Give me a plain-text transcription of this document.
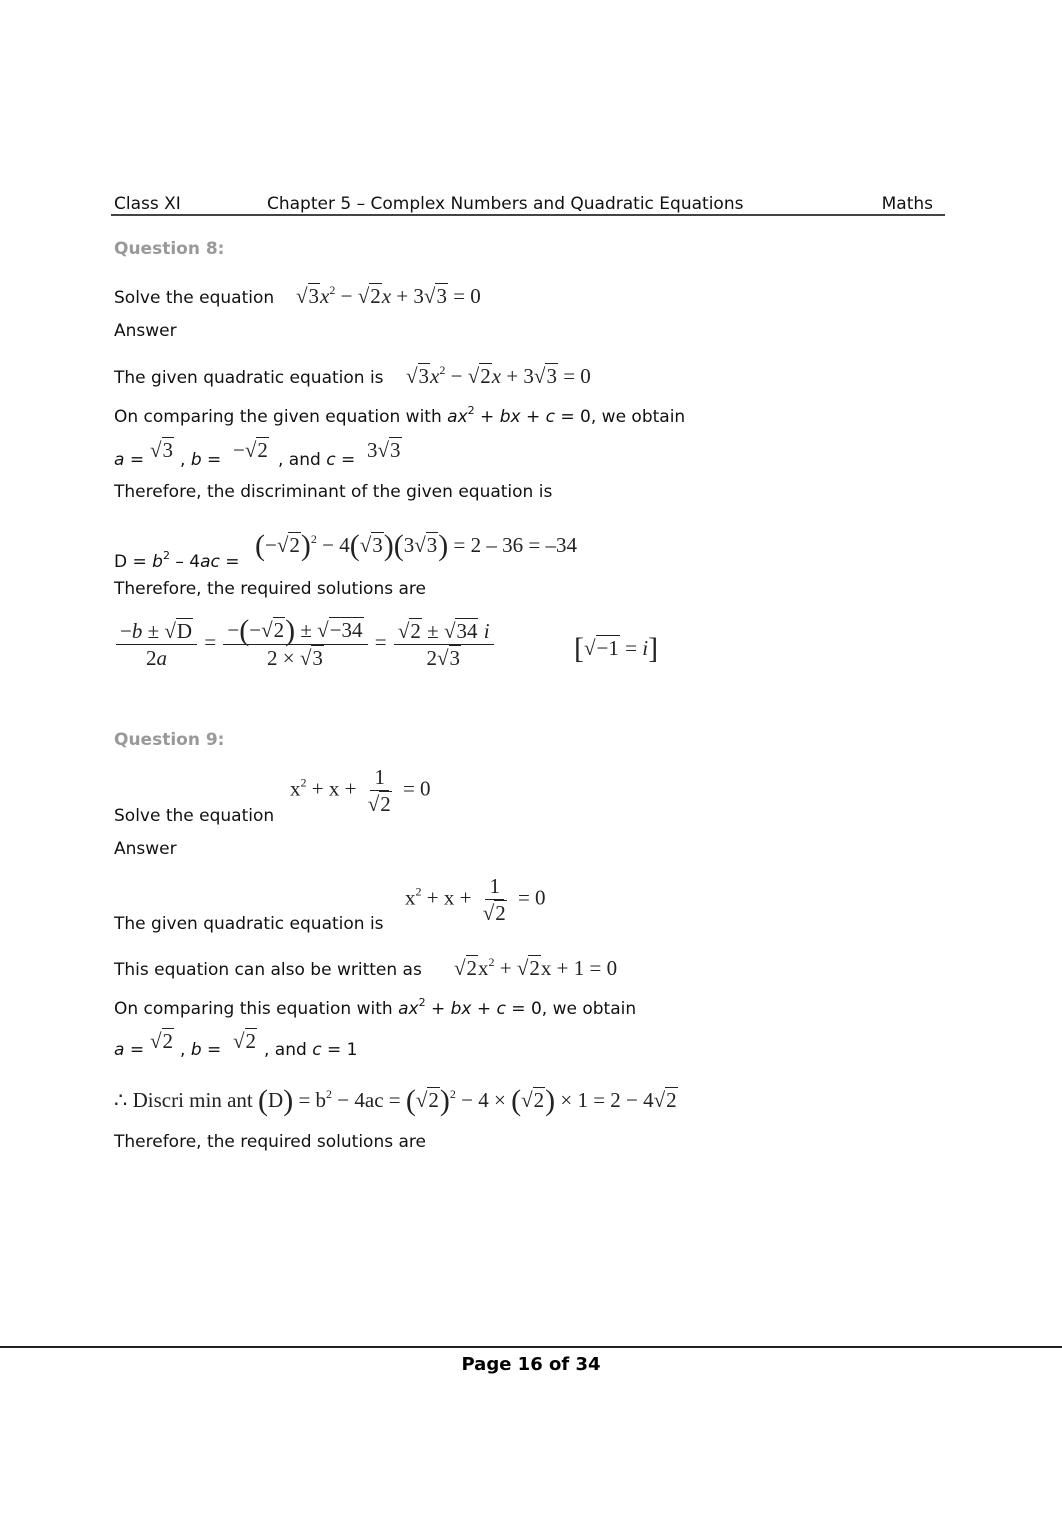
Class XI	Chapter 5 – Complex Numbers and Quadratic Equations	Maths
Question 8:
Solve the equation $√3x^2 - √2x + 3√3 = 0$
Answer
The given quadratic equation is $√3x^2 - √2x + 3√3 = 0$
On comparing the given equation with $ax^2$ + bx + c = 0, we obtain
a = √3 , b = −√2 , and c = 3√3
Therefore, the discriminant of the given equation is
$D = b^2 - 4ac = (-√2)^2 - 4(√3)(3√3) = 2 - 36 = -34$
Therefore, the required solutions are
$\frac{-b \pm √D}{2a} = \frac{-(-√2) \pm √-34}{2 \times √3} = \frac{√2 \pm √34 i}{2√3}$	[√−1 = i]
Question 9:
$x^2 + x + \frac{1}{√2} = 0$
Solve the equation
Answer
$x^2 + x + \frac{1}{√2} = 0$
The given quadratic equation is
This equation can also be written as $√2x^2 + √2x + 1 = 0$
On comparing this equation with $ax^2$ + bx + c = 0, we obtain
a = √2 , b = √2 , and c = 1
∴ Discri min ant $(D) = b^2 - 4ac = (√2)^2 - 4 \times (√2) \times 1 = 2 - 4√2$
Therefore, the required solutions are
Page 16 of 34
